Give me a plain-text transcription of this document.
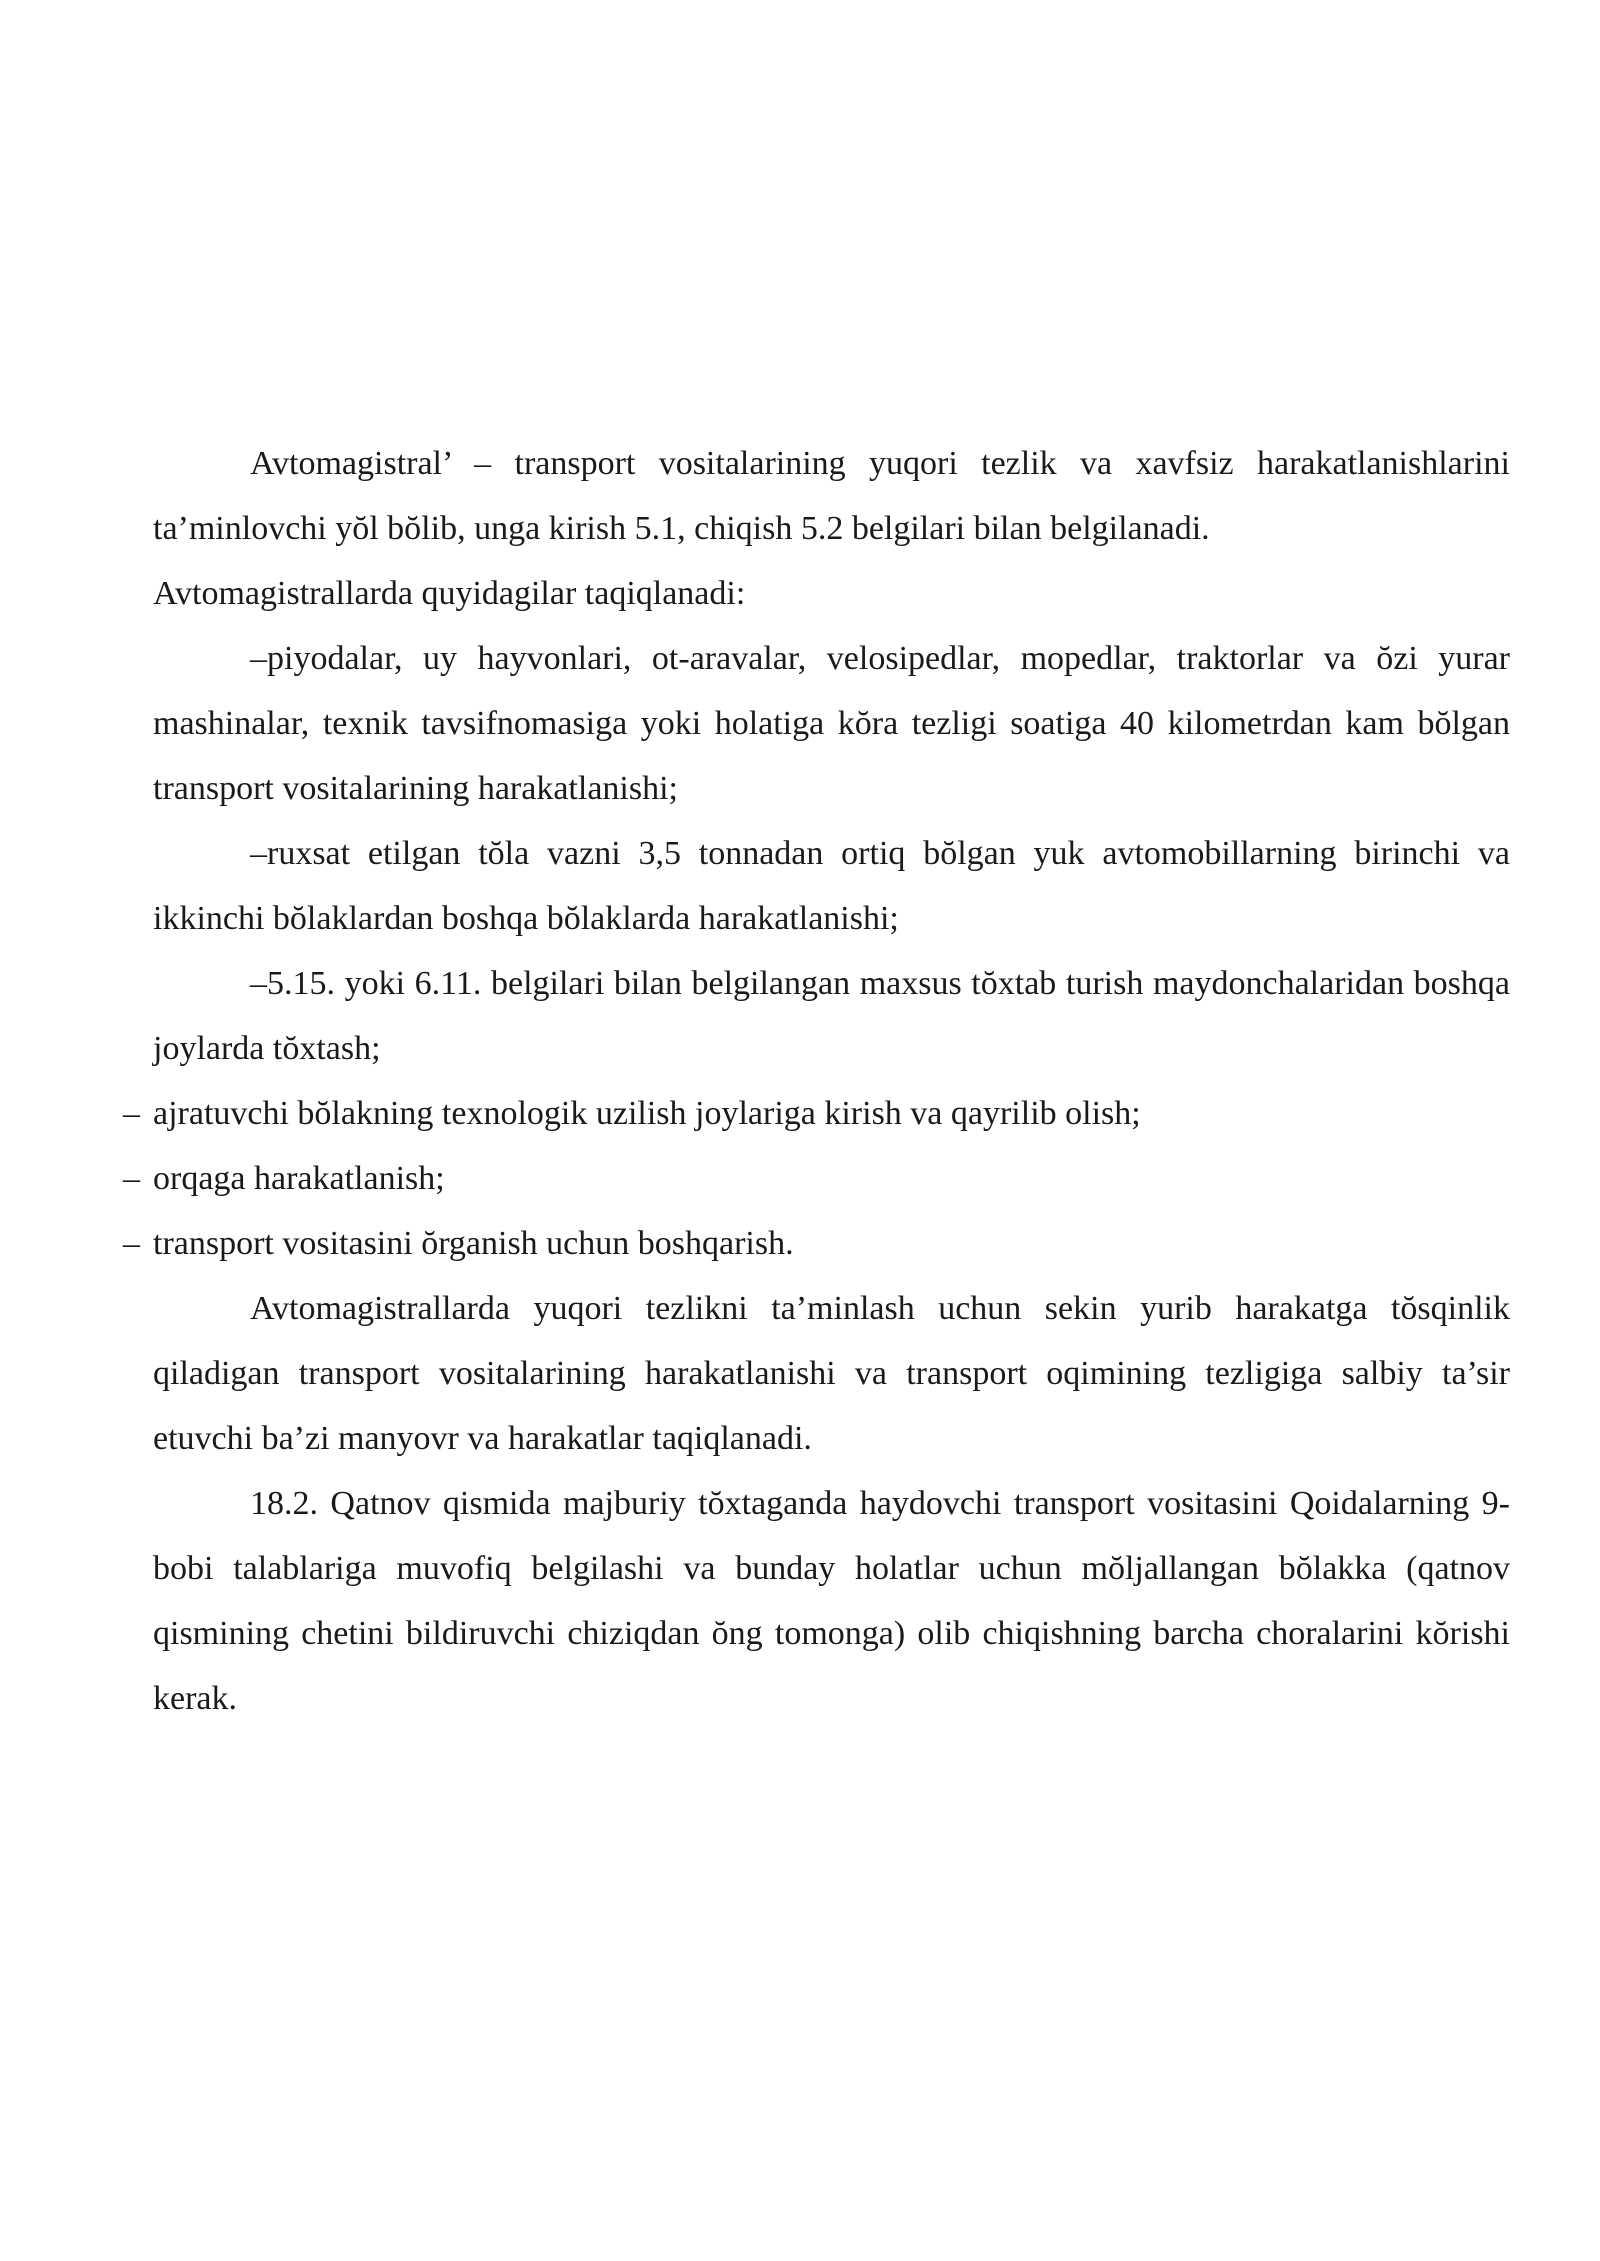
Avtomagistral’ – transport vositalarining yuqori tezlik va xavfsiz harakatlanishlarini ta’minlovchi yŏl bŏlib, unga kirish 5.1, chiqish 5.2 belgilari bilan belgilanadi.

Avtomagistrallarda quyidagilar taqiqlanadi:

–piyodalar, uy hayvonlari, ot-aravalar, velosipedlar, mopedlar, traktorlar va ŏzi yurar mashinalar, texnik tavsifnomasiga yoki holatiga kŏra tezligi soatiga 40 kilometrdan kam bŏlgan transport vositalarining harakatlanishi;

–ruxsat etilgan tŏla vazni 3,5 tonnadan ortiq bŏlgan yuk avtomobillarning birinchi va ikkinchi bŏlaklardan boshqa bŏlaklarda harakatlanishi;

–5.15. yoki 6.11. belgilari bilan belgilangan maxsus tŏxtab turish maydonchalaridan boshqa joylarda tŏxtash;

– ajratuvchi bŏlakning texnologik uzilish joylariga kirish va qayrilib olish;
– orqaga harakatlanish;
– transport vositasini ŏrganish uchun boshqarish.

Avtomagistrallarda yuqori tezlikni ta’minlash uchun sekin yurib harakatga tŏsqinlik qiladigan transport vositalarining harakatlanishi va transport oqimining tezligiga salbiy ta’sir etuvchi ba’zi manyovr va harakatlar taqiqlanadi.

18.2. Qatnov qismida majburiy tŏxtaganda haydovchi transport vositasini Qoidalarning 9-bobi talablariga muvofiq belgilashi va bunday holatlar uchun mŏljallangan bŏlakka (qatnov qismining chetini bildiruvchi chiziqdan ŏng tomonga) olib chiqishning barcha choralarini kŏrishi kerak.
